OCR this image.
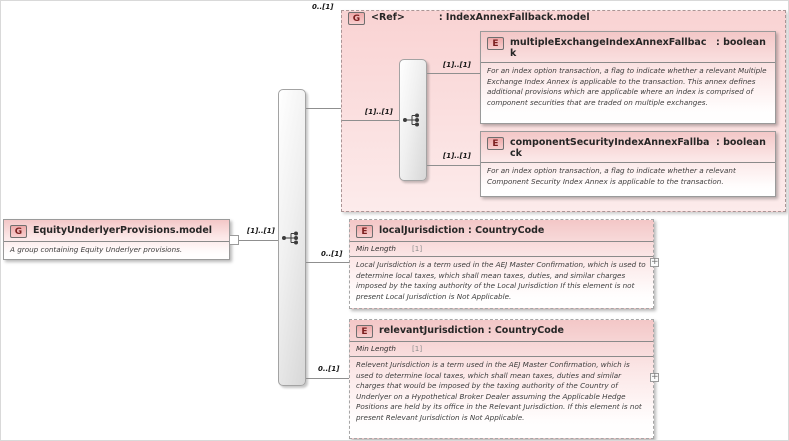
G	EquityUnderlyerProvisions.model
A group containing Equity Underlyer provisions.
[1]..[1]
0..[1]
0..[1]
0..[1]
G	<Ref>	: IndexAnnexFallback.model
[1]..[1]
[1]..[1]
[1]..[1]
E	multipleExchangeIndexAnnexFallback
: boolean
For an index option transaction, a flag to indicate whether a relevant Multiple Exchange Index Annex is applicable to the transaction. This annex defines additional provisions which are applicable where an index is comprised of component securities that are traded on multiple exchanges.
E	componentSecurityIndexAnnexFallback
: boolean
For an index option transaction, a flag to indicate whether a relevant Component Security Index Annex is applicable to the transaction.
E	localJurisdiction : CountryCode
Min Length [1]
Local Jurisdiction is a term used in the AEJ Master Confirmation, which is used to determine local taxes, which shall mean taxes, duties, and similar charges imposed by the taxing authority of the Local Jurisdiction If this element is not present Local Jurisdiction is Not Applicable.
+
E	relevantJurisdiction : CountryCode
Min Length [1]
Relevent Jurisdiction is a term used in the AEJ Master Confirmation, which is used to determine local taxes, which shall mean taxes, duties and similar charges that would be imposed by the taxing authority of the Country of Underlyer on a Hypothetical Broker Dealer assuming the Applicable Hedge Positions are held by its office in the Relevant Jurisdiction. If this element is not present Relevant Jurisdiction is Not Applicable.
+
